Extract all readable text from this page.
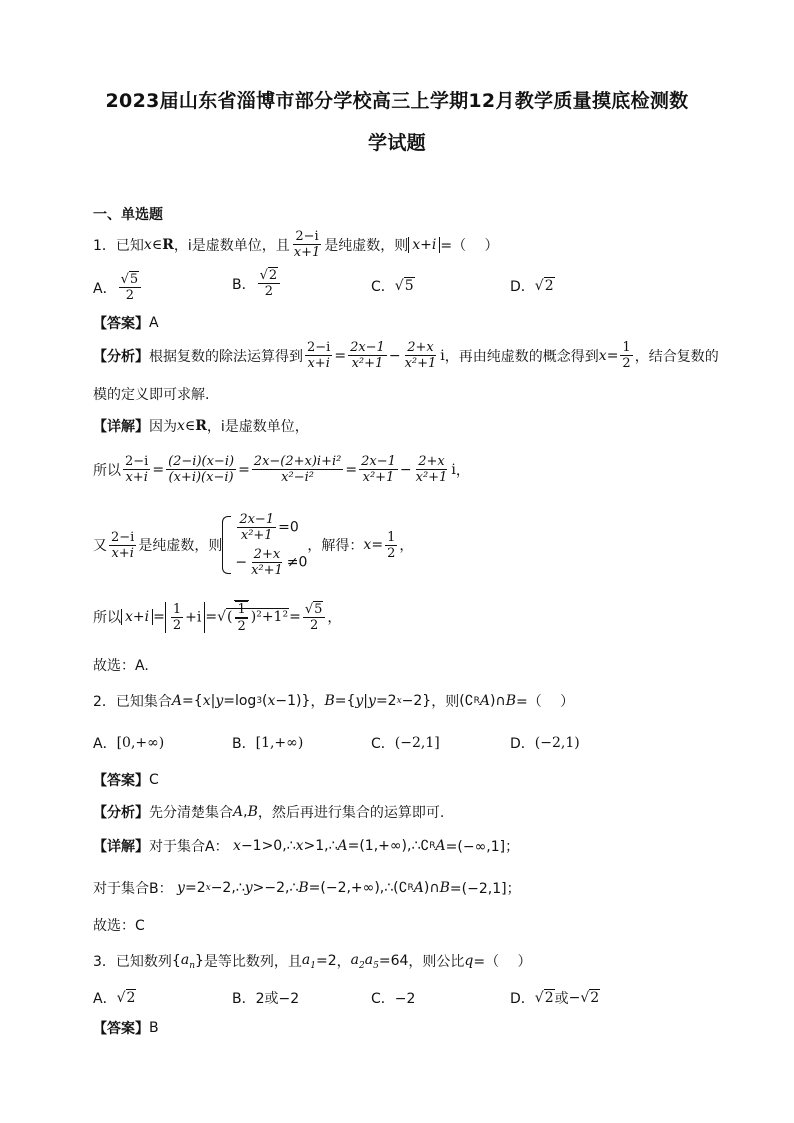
2023届山东省淄博市部分学校高三上学期12月教学质量摸底检测数
学试题
一、单选题
1．已知 x ∈ R ，i是虚数单位，且 $\frac{2-i}{x+1}$ 是纯虚数，则 x+i =（　 ）
A． $\frac{√5}{2}$	B． $\frac{√2}{2}$	C． √5	D． √2
【答案】 A
【分析】 根据复数的除法运算得到 $\frac{2-i}{x+i} = \frac{2x-1}{\text{x²+1}} - \frac{2+x}{\text{x²+1}}$ i ，再由纯虚数的概念得到 $x = \frac{1}{2}$ ，结合复数的
模的定义即可求解.
【详解】 因为 x ∈ R ，i是虚数单位，
所以 $\frac{2-i}{x+i} = \frac{(2-i)(x-i)}{(x+i)(x-i)} = \frac{\text{2x−(2+x)i+i²}}{\text{x²−i²}} = \frac{2x-1}{\text{x²+1}} - \frac{2+x}{\text{x²+1}}$ i ，
又 $\frac{2-i}{x+i}$ 是纯虚数，则
$\frac{2x-1}{\text{x²+1}} =0$
− $\frac{2+x}{\text{x²+1}} \ne 0$
，解得： $x = \frac{1}{2}$ ，
所以 $x+i = \frac{1}{2} +i$ = √( $\frac{1}{2} )^2+1^2 = \frac{√5}{2}$ ，
故选：A.
2．已知集合 A ={ x | y =log 3 ( x −1)} ， B ={ y | y =2 x −2} ，则 (∁ R A )∩ B =（　 ）
A． [0,+∞)	B． [1,+∞)	C． (−2,1]	D． (−2,1)
【答案】 C
【分析】 先分清楚集合 A , B ，然后再进行集合的运算即可.
【详解】 对于集合A： x −1>0,∴ x >1,∴ A =(1,+∞),∴∁ R A =(−∞,1]；
对于集合B： y =2 x −2,∴ y >−2,∴ B =(−2,+∞),∴(∁ R A )∩ B =(−2,1]；
故选：C
3．已知数列 { $a_n$ } 是等比数列，且 $a_1 =2$ ， $a_2a_5 =64$ ，则公比 q =（　 ）
A． √2	B．2或−2	C．−2	D． √2 或 − √2
【答案】 B
